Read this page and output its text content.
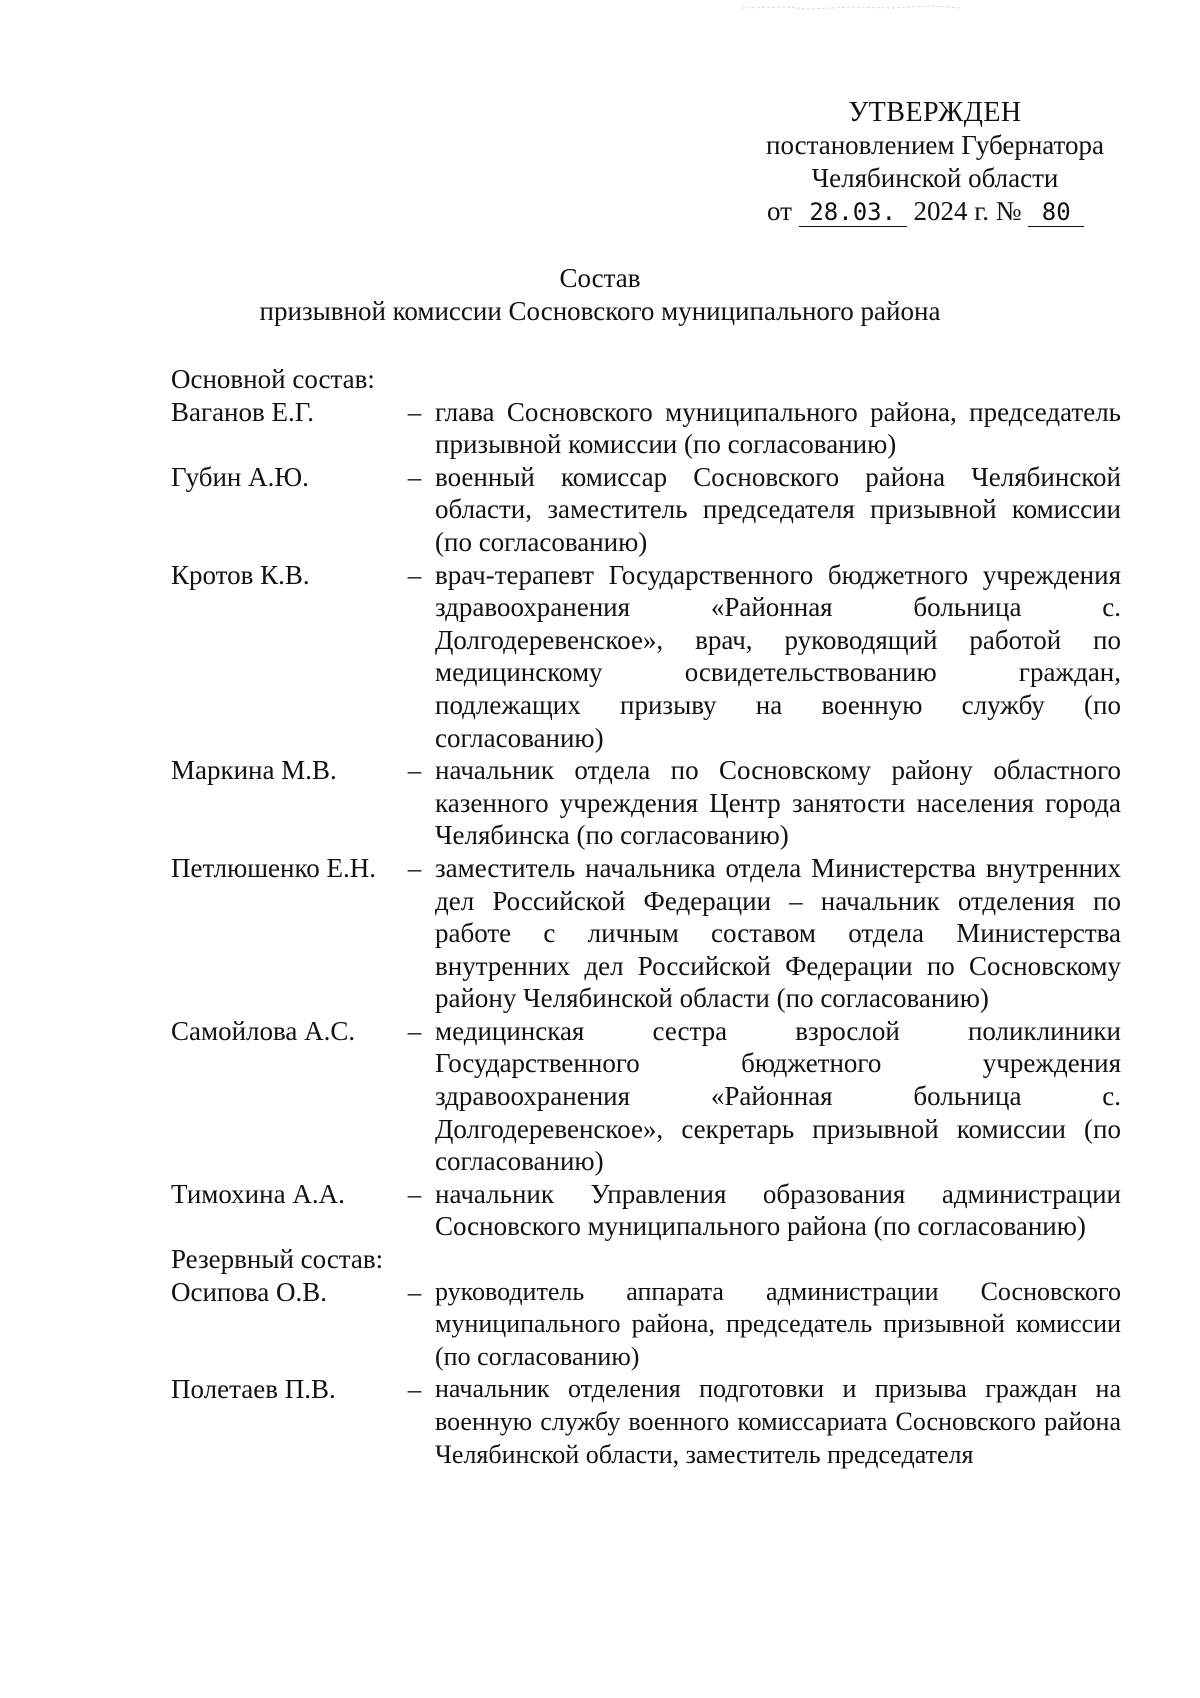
УТВЕРЖДЕН
постановлением Губернатора
Челябинской области
от 28.03. 2024 г. № 80
Состав
призывной комиссии Сосновского муниципального района
Основной состав:
Ваганов Е.Г.	– глава Сосновского муниципального района, председатель призывной комиссии (по согласованию)
Губин А.Ю.	– военный комиссар Сосновского района Челябинской области, заместитель председателя призывной комиссии (по согласованию)
Кротов К.В.	– врач-терапевт Государственного бюджетного учреждения здравоохранения «Районная больница с. Долгодеревенское», врач, руководящий работой по медицинскому освидетельствованию граждан, подлежащих призыву на военную службу (по согласованию)
Маркина М.В.	– начальник отдела по Сосновскому району областного казенного учреждения Центр занятости населения города Челябинска (по согласованию)
Петлюшенко Е.Н.	– заместитель начальника отдела Министерства внутренних дел Российской Федерации – начальник отделения по работе с личным составом отдела Министерства внутренних дел Российской Федерации по Сосновскому району Челябинской области (по согласованию)
Самойлова А.С.	– медицинская сестра взрослой поликлиники Государственного бюджетного учреждения здравоохранения «Районная больница с. Долгодеревенское», секретарь призывной комиссии (по согласованию)
Тимохина А.А.	– начальник Управления образования администрации Сосновского муниципального района (по согласованию)
Резервный состав:
Осипова О.В.	– руководитель аппарата администрации Сосновского муниципального района, председатель призывной комиссии (по согласованию)
Полетаев П.В.	– начальник отделения подготовки и призыва граждан на военную службу военного комиссариата Сосновского района Челябинской области, заместитель председателя
